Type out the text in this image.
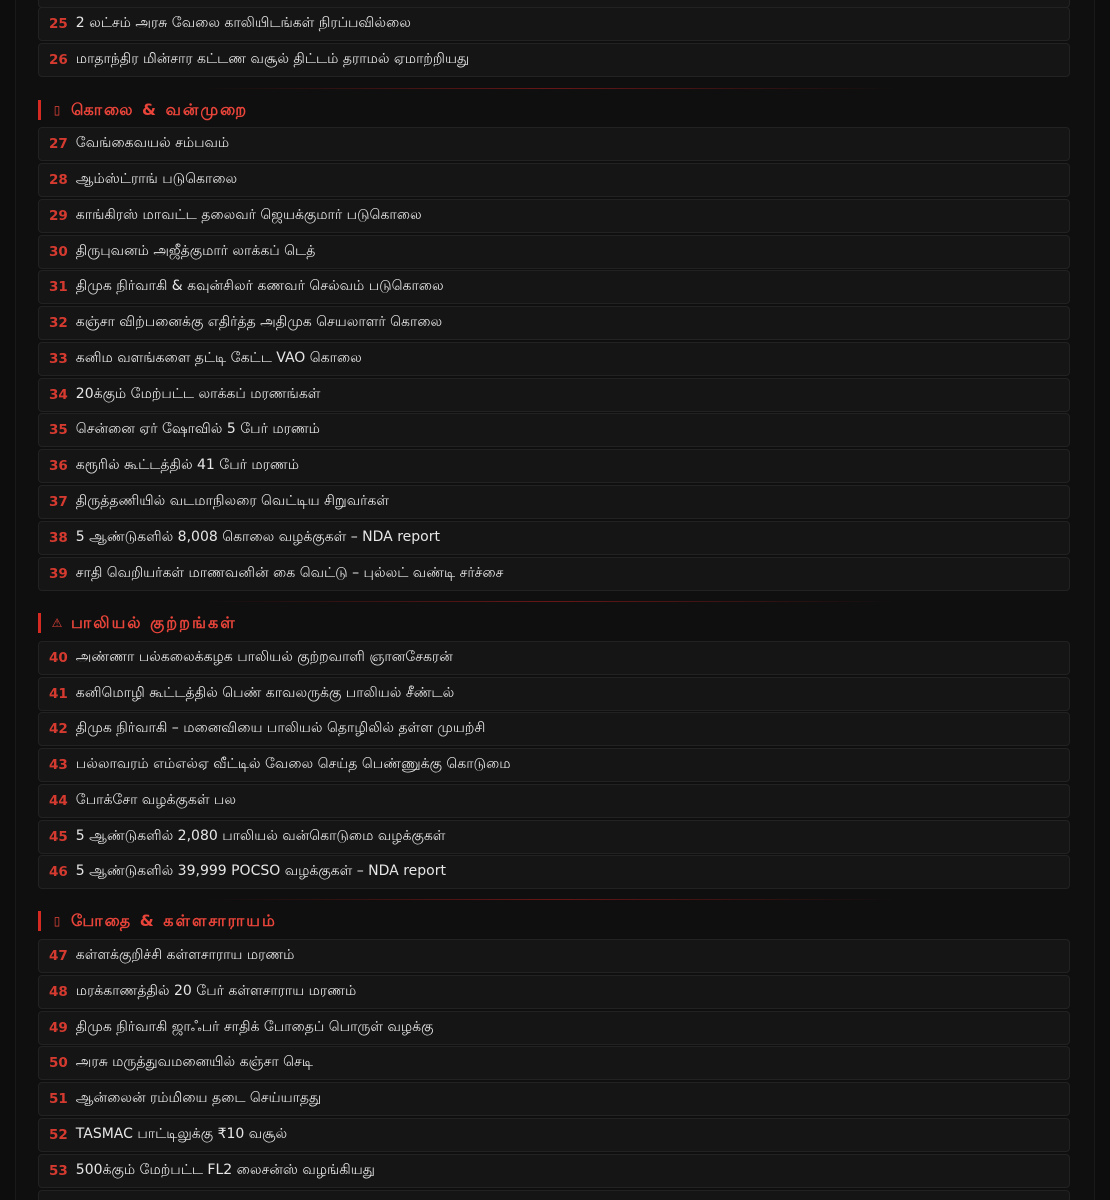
25 2 லட்சம் அரசு வேலை காலியிடங்கள் நிரப்பவில்லை
26 மாதாந்திர மின்சார கட்டண வசூல் திட்டம் தராமல் ஏமாற்றியது
▯ கொலை & வன்முறை
27 வேங்கைவயல் சம்பவம்
28 ஆம்ஸ்ட்ராங் படுகொலை
29 காங்கிரஸ் மாவட்ட தலைவர் ஜெயக்குமார் படுகொலை
30 திருபுவனம் அஜீத்குமார் லாக்கப் டெத்
31 திமுக நிர்வாகி & கவுன்சிலர் கணவர் செல்வம் படுகொலை
32 கஞ்சா விற்பனைக்கு எதிர்த்த அதிமுக செயலாளர் கொலை
33 கனிம வளங்களை தட்டி கேட்ட VAO கொலை
34 20க்கும் மேற்பட்ட லாக்கப் மரணங்கள்
35 சென்னை ஏர் ஷோவில் 5 பேர் மரணம்
36 கரூரில் கூட்டத்தில் 41 பேர் மரணம்
37 திருத்தணியில் வடமாநிலரை வெட்டிய சிறுவர்கள்
38 5 ஆண்டுகளில் 8,008 கொலை வழக்குகள் – NDA report
39 சாதி வெறியர்கள் மாணவனின் கை வெட்டு – புல்லட் வண்டி சர்ச்சை
⚠ பாலியல் குற்றங்கள்
40 அண்ணா பல்கலைக்கழக பாலியல் குற்றவாளி ஞானசேகரன்
41 கனிமொழி கூட்டத்தில் பெண் காவலருக்கு பாலியல் சீண்டல்
42 திமுக நிர்வாகி – மனைவியை பாலியல் தொழிலில் தள்ள முயற்சி
43 பல்லாவரம் எம்எல்ஏ வீட்டில் வேலை செய்த பெண்ணுக்கு கொடுமை
44 போக்சோ வழக்குகள் பல
45 5 ஆண்டுகளில் 2,080 பாலியல் வன்கொடுமை வழக்குகள்
46 5 ஆண்டுகளில் 39,999 POCSO வழக்குகள் – NDA report
▯ போதை & கள்ளசாராயம்
47 கள்ளக்குறிச்சி கள்ளசாராய மரணம்
48 மரக்காணத்தில் 20 பேர் கள்ளசாராய மரணம்
49 திமுக நிர்வாகி ஜாஃபர் சாதிக் போதைப் பொருள் வழக்கு
50 அரசு மருத்துவமனையில் கஞ்சா செடி
51 ஆன்லைன் ரம்மியை தடை செய்யாதது
52 TASMAC பாட்டிலுக்கு ₹10 வசூல்
53 500க்கும் மேற்பட்ட FL2 லைசன்ஸ் வழங்கியது
